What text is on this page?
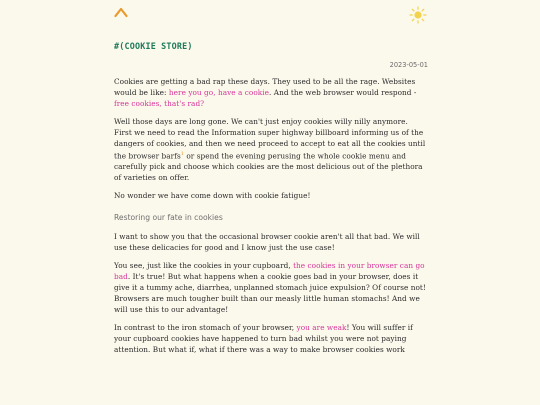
#(COOKIE STORE)
2023-05-01

Cookies are getting a bad rap these days. They used to be all the rage. Websites would be like: here you go, have a cookie. And the web browser would respond - free cookies, that's rad?

Well those days are long gone. We can't just enjoy cookies willy nilly anymore. First we need to read the Information super highway billboard informing us of the dangers of cookies, and then we need proceed to accept to eat all the cookies until the browser barfs$^1$ or spend the evening perusing the whole cookie menu and carefully pick and choose which cookies are the most delicious out of the plethora of varieties on offer.

No wonder we have come down with cookie fatigue!

Restoring our fate in cookies

I want to show you that the occasional browser cookie aren't all that bad. We will use these delicacies for good and I know just the use case!

You see, just like the cookies in your cupboard, the cookies in your browser can go bad. It's true! But what happens when a cookie goes bad in your browser, does it give it a tummy ache, diarrhea, unplanned stomach juice expulsion? Of course not! Browsers are much tougher built than our measly little human stomachs! And we will use this to our advantage!

In contrast to the iron stomach of your browser, you are weak! You will suffer if your cupboard cookies have happened to turn bad whilst you were not paying attention. But what if, what if there was a way to make browser cookies work
